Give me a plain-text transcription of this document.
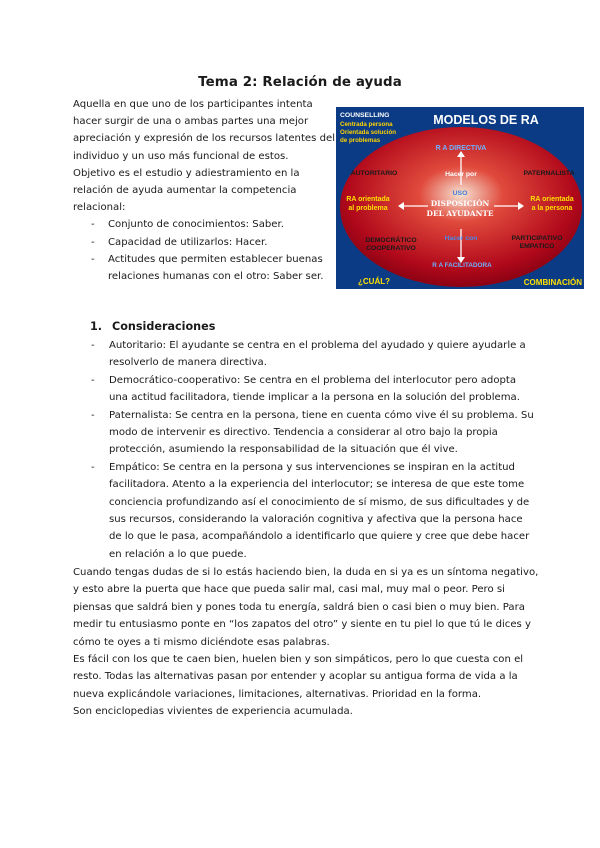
Tema 2: Relación de ayuda

Aquella en que uno de los participantes intenta hacer surgir de una o ambas partes una mejor apreciación y expresión de los recursos latentes del individuo y un uso más funcional de estos.

Objetivo es el estudio y adiestramiento en la relación de ayuda aumentar la competencia relacional:

- Conjunto de conocimientos: Saber.
- Capacidad de utilizarlos: Hacer.
- Actitudes que permiten establecer buenas relaciones humanas con el otro: Saber ser.
MODELOS DE RA
COUNSELLING
Centrada persona
Orientada solución
de problemas
R A DIRECTIVA
AUTORITARIO	Hacer por	PATERNALISTA
USO
DISPOSICIÓN
DEL AYUDANTE
RA orientada
al problema
RA orientada
a la persona
DEMOCRÁTICO
COOPERATIVO
Hacer con	PARTICIPATIVO
EMPATICO
R A FACILITADORA
¿CUÁL?	COMBINACIÓN
1. Consideraciones
- Autoritario: El ayudante se centra en el problema del ayudado y quiere ayudarle a resolverlo de manera directiva.
- Democrático-cooperativo: Se centra en el problema del interlocutor pero adopta una actitud facilitadora, tiende implicar a la persona en la solución del problema.
- Paternalista: Se centra en la persona, tiene en cuenta cómo vive él su problema. Su modo de intervenir es directivo. Tendencia a considerar al otro bajo la propia protección, asumiendo la responsabilidad de la situación que él vive.
- Empático: Se centra en la persona y sus intervenciones se inspiran en la actitud facilitadora. Atento a la experiencia del interlocutor; se interesa de que este tome conciencia profundizando así el conocimiento de sí mismo, de sus dificultades y de sus recursos, considerando la valoración cognitiva y afectiva que la persona hace de lo que le pasa, acompañándolo a identificarlo que quiere y cree que debe hacer en relación a lo que puede.

Cuando tengas dudas de si lo estás haciendo bien, la duda en si ya es un síntoma negativo, y esto abre la puerta que hace que pueda salir mal, casi mal, muy mal o peor. Pero si piensas que saldrá bien y pones toda tu energía, saldrá bien o casi bien o muy bien. Para medir tu entusiasmo ponte en “los zapatos del otro” y siente en tu piel lo que tú le dices y cómo te oyes a ti mismo diciéndote esas palabras.

Es fácil con los que te caen bien, huelen bien y son simpáticos, pero lo que cuesta con el resto. Todas las alternativas pasan por entender y acoplar su antigua forma de vida a la nueva explicándole variaciones, limitaciones, alternativas. Prioridad en la forma.

Son enciclopedias vivientes de experiencia acumulada.
